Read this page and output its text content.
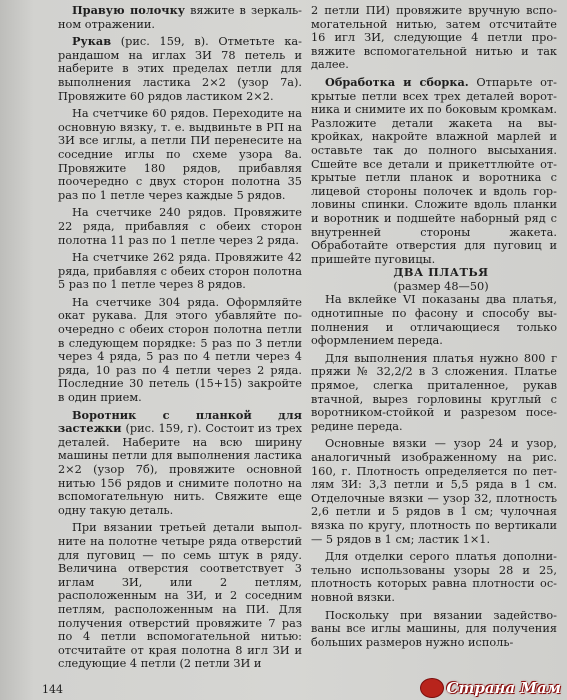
Правую полочку вяжите в зеркальном отражении.

Рукав (рис. 159, в). Отметьте карандашом на иглах ЗИ 78 петель и наберите в этих пределах петли для выполнения ластика 2×2 (узор 7а). Провяжите 60 рядов ластиком 2×2.

На счетчике 60 рядов. Переходите на основную вязку, т. е. выдвиньте в РП на ЗИ все иглы, а петли ПИ перенесите на соседние иглы по схеме узора 8а. Провяжите 180 рядов, прибавляя поочередно с двух сторон полотна 35 раз по 1 петле через каждые 5 рядов.

На счетчике 240 рядов. Провяжите 22 ряда, прибавляя с обеих сторон полотна 11 раз по 1 петле через 2 ряда.

На счетчике 262 ряда. Провяжите 42 ряда, прибавляя с обеих сторон полотна 5 раз по 1 петле через 8 рядов.

На счетчике 304 ряда. Оформляйте окат рукава. Для этого убавляйте поочередно с обеих сторон полотна петли в следующем порядке: 5 раз по 3 петли через 4 ряда, 5 раз по 4 петли через 4 ряда, 10 раз по 4 петли через 2 ряда. Последние 30 петель (15+15) закройте в один прием.

Воротник с планкой для застежки (рис. 159, г). Состоит из трех деталей. Наберите на всю ширину машины петли для выполнения ластика 2×2 (узор 7б), провяжите основной нитью 156 рядов и снимите полотно на вспомогательную нить. Свяжите еще одну такую деталь.

При вязании третьей детали выполните на полотне четыре ряда отверстий для пуговиц — по семь штук в ряду. Величина отверстия соответствует 3 иглам ЗИ, или 2 петлям, расположенным на ЗИ, и 2 соседним петлям, расположенным на ПИ. Для получения отверстий провяжите 7 раз по 4 петли вспомогательной нитью: отсчитайте от края полотна 8 игл ЗИ и следующие 4 петли (2 петли ЗИ и

2 петли ПИ) провяжите вручную вспомогательной нитью, затем отсчитайте 16 игл ЗИ, следующие 4 петли провяжите вспомогательной нитью и так далее.

Обработка и сборка. Отпарьте открытые петли всех трех деталей воротника и снимите их по боковым кромкам. Разложите детали жакета на выкройках, накройте влажной марлей и оставьте так до полного высыхания. Сшейте все детали и прикеттлюйте открытые петли планок и воротника с лицевой стороны полочек и вдоль горловины спинки. Сложите вдоль планки и воротник и подшейте наборный ряд с внутренней стороны жакета. Обработайте отверстия для пуговиц и пришейте пуговицы.

ДВА ПЛАТЬЯ

(размер 48—50)

На вклейке VI показаны два платья, однотипные по фасону и способу выполнения и отличающиеся только оформлением переда.

Для выполнения платья нужно 800 г пряжи № 32,2/2 в 3 сложения. Платье прямое, слегка приталенное, рукав втачной, вырез горловины круглый с воротником-стойкой и разрезом посередине переда.

Основные вязки — узор 24 и узор, аналогичный изображенному на рис. 160, г. Плотность определяется по петлям ЗИ: 3,3 петли и 5,5 ряда в 1 см. Отделочные вязки — узор 32, плотность 2,6 петли и 5 рядов в 1 см; чулочная вязка по кругу, плотность по вертикали — 5 рядов в 1 см; ластик 1×1.

Для отделки серого платья дополнительно использованы узоры 28 и 25, плотность которых равна плотности основной вязки.

Поскольку при вязании задействованы все иглы машины, для получения больших размеров нужно исполь-

144	Страна Мам
